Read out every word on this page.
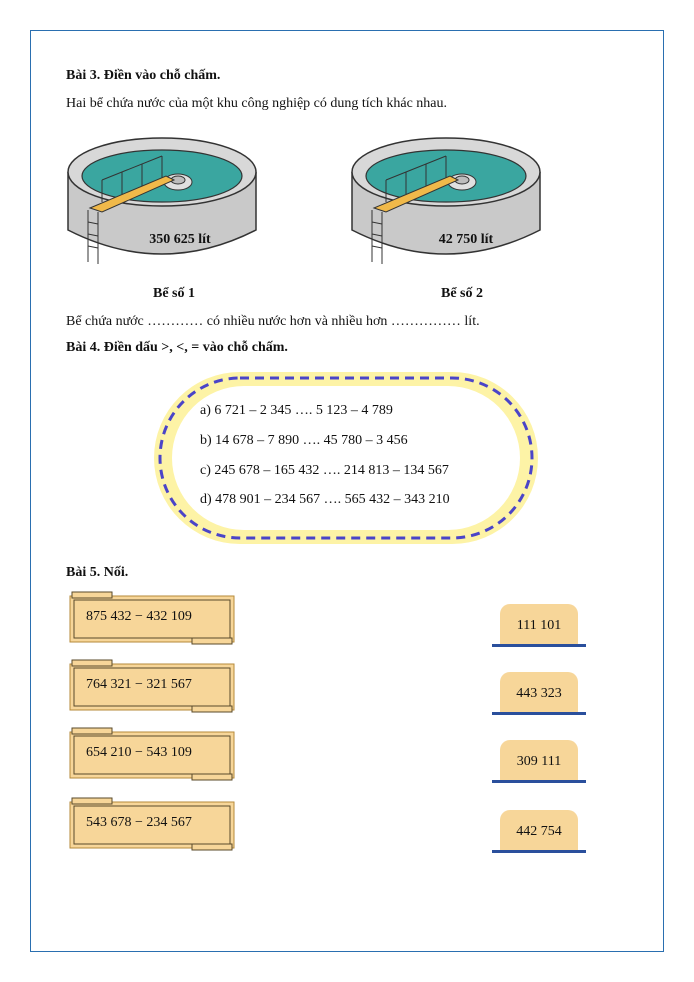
Bài 3. Điền vào chỗ chấm.
Hai bể chứa nước của một khu công nghiệp có dung tích khác nhau.
350 625 lít
Bể số 1
42 750 lít
Bể số 2
Bể chứa nước ………… có nhiều nước hơn và nhiều hơn …………… lít.
Bài 4. Điền dấu >, <, = vào chỗ chấm.
a) 6 721 – 2 345 …. 5 123 – 4 789
b) 14 678 – 7 890 …. 45 780 – 3 456
c) 245 678 – 165 432 …. 214 813 – 134 567
d) 478 901 – 234 567 …. 565 432 – 343 210
Bài 5. Nối.
875 432 − 432 109
764 321 − 321 567
654 210 − 543 109
543 678 − 234 567
111 101
443 323
309 111
442 754
